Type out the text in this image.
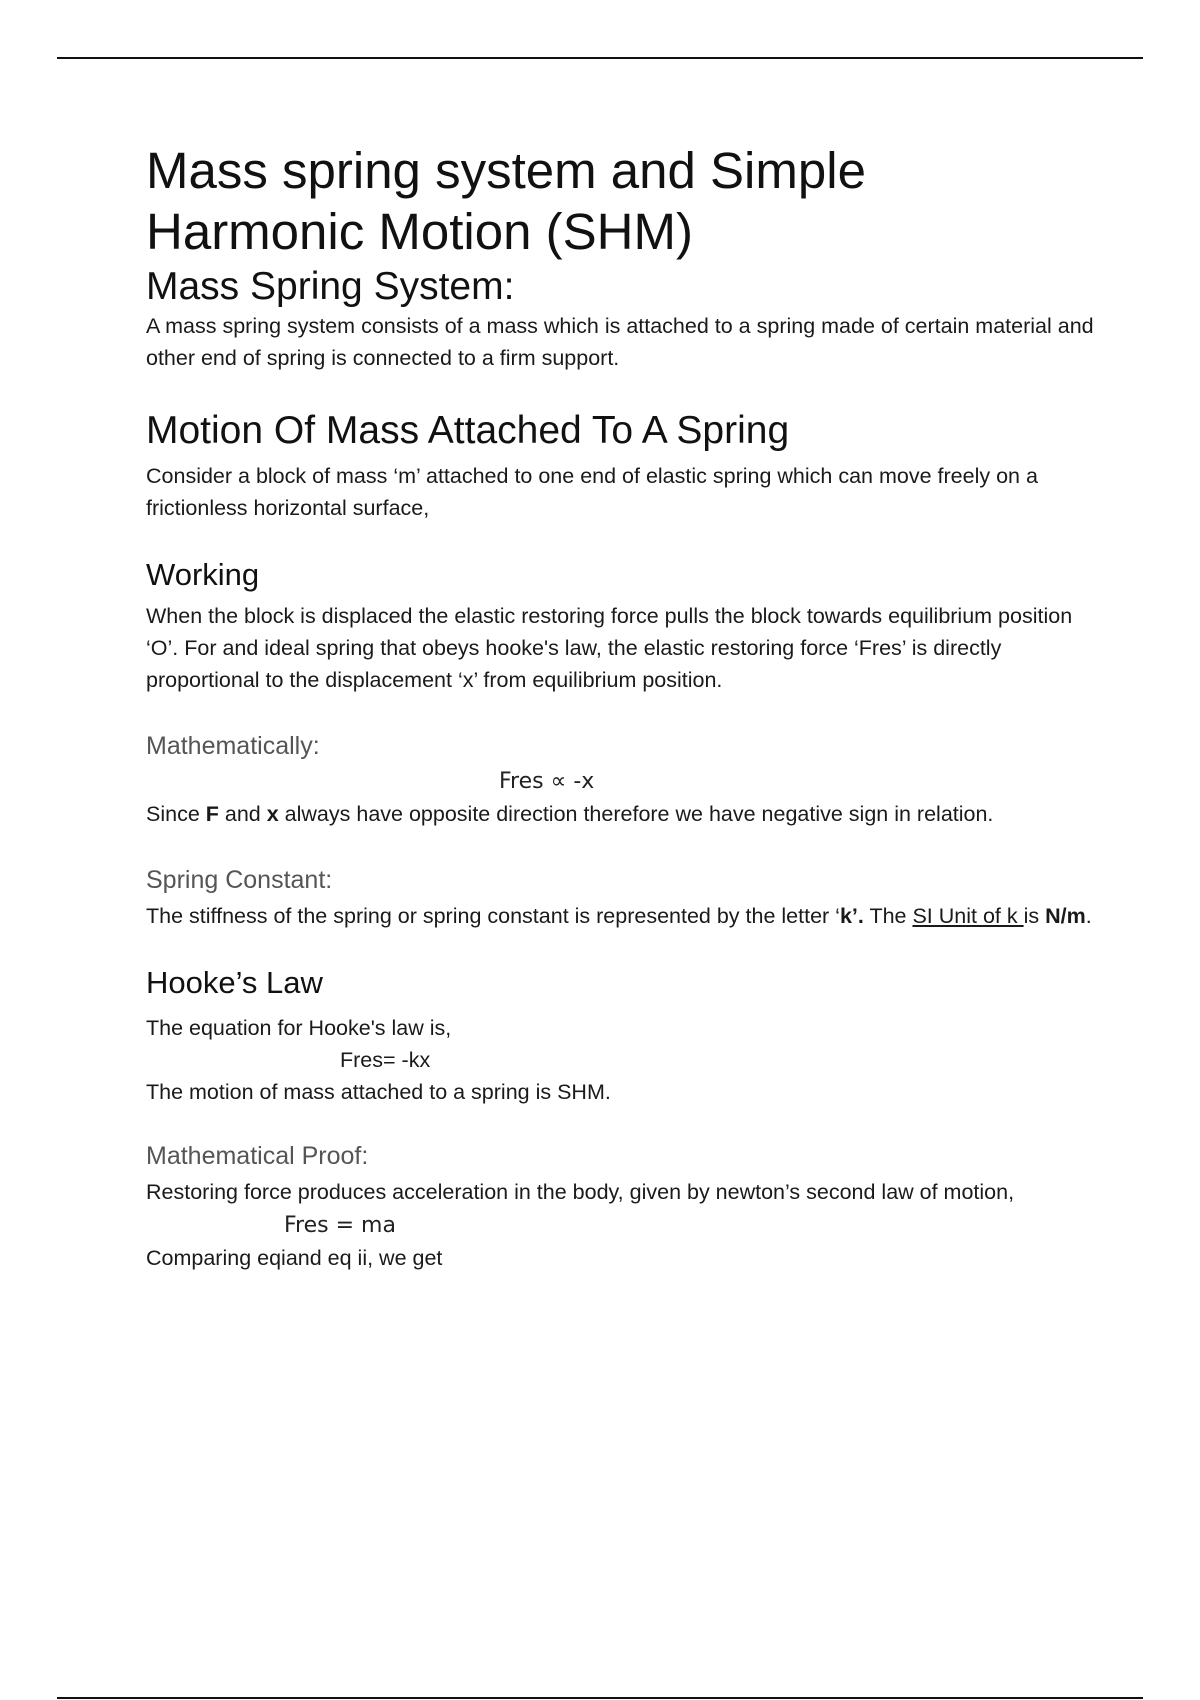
Mass spring system and Simple Harmonic Motion (SHM)
Mass Spring System:

A mass spring system consists of a mass which is attached to a spring made of certain material and other end of spring is connected to a firm support.

Motion Of Mass Attached To A Spring

Consider a block of mass ‘m’ attached to one end of elastic spring which can move freely on a frictionless horizontal surface,

Working

When the block is displaced the elastic restoring force pulls the block towards equilibrium position ‘O’. For and ideal spring that obeys hooke's law, the elastic restoring force ‘Fres’ is directly proportional to the displacement ‘x’ from equilibrium position.

Mathematically:

Fres ∝ -x

Since F and x always have opposite direction therefore we have negative sign in relation.

Spring Constant:

The stiffness of the spring or spring constant is represented by the letter ‘k’. The SI Unit of k is N/m.

Hooke’s Law

The equation for Hooke's law is,

Fres= -kx

The motion of mass attached to a spring is SHM.

Mathematical Proof:

Restoring force produces acceleration in the body, given by newton’s second law of motion,

Fres = ma

Comparing eqiand eq ii, we get
